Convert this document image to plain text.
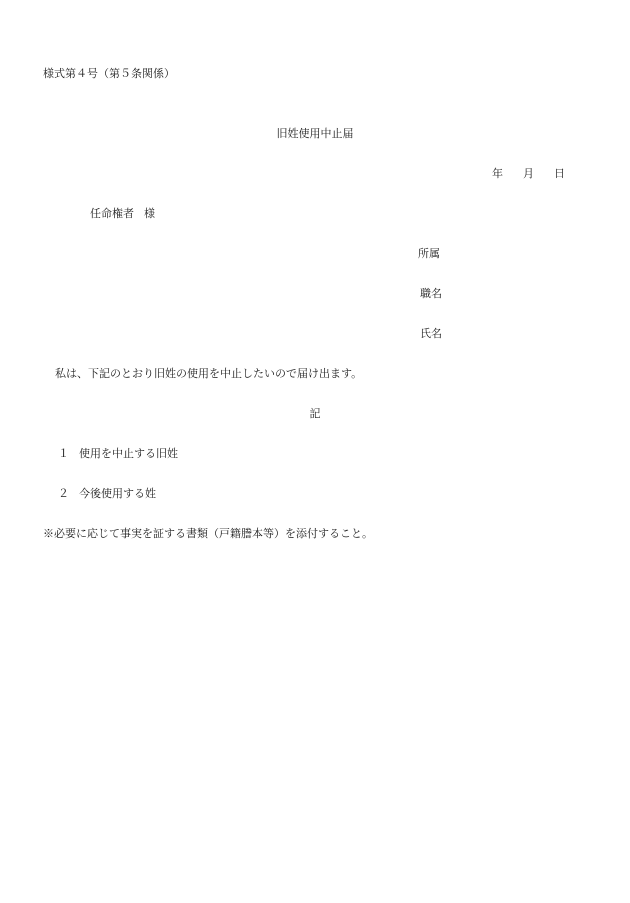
様式第４号（第５条関係）
旧姓使用中止届
年 月 日
任命権者 様
所属
職名
氏名
私は、下記のとおり旧姓の使用を中止したいので届け出ます。
記
１ 使用を中止する旧姓
２ 今後使用する姓
※必要に応じて事実を証する書類（戸籍謄本等）を添付すること。
